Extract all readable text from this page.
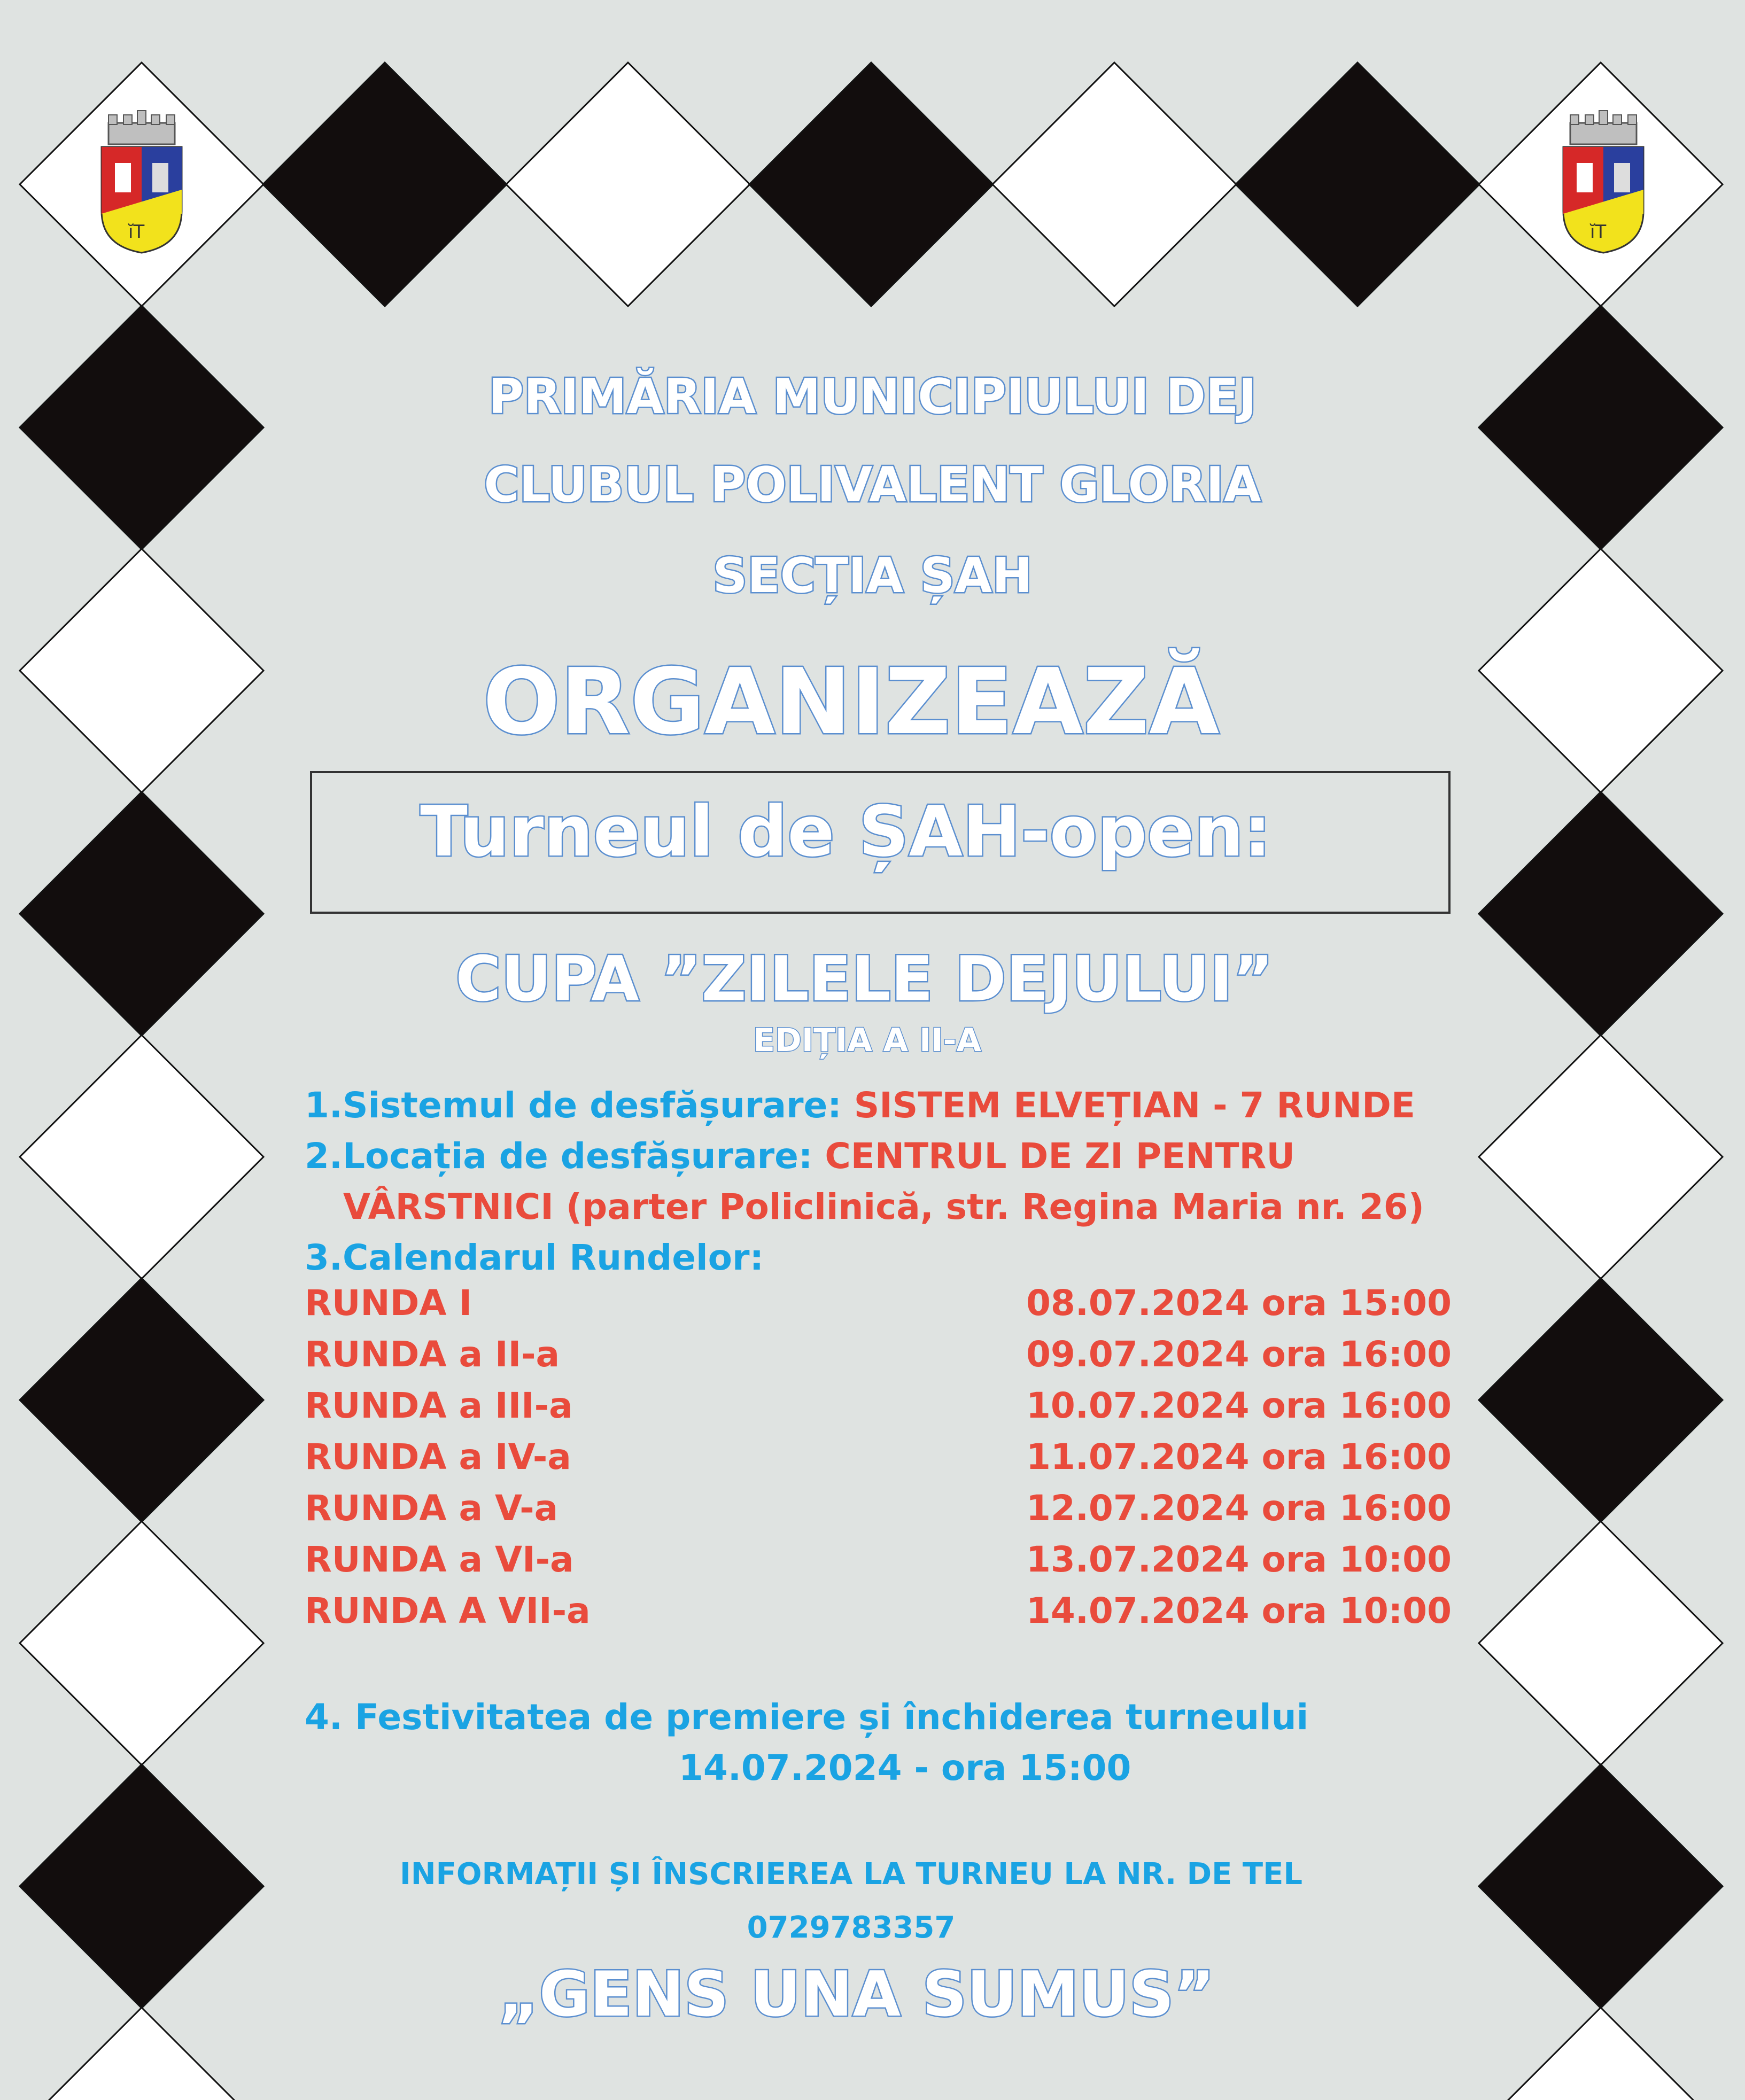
ĭT	ĭT
PRIMĂRIA MUNICIPIULUI DEJ
CLUBUL POLIVALENT GLORIA
SECȚIA ȘAH
ORGANIZEAZĂ
Turneul de ȘAH-open:
CUPA ”ZILELE DEJULUI”
EDIȚIA A II-A
1.Sistemul de desfășurare: SISTEM ELVEȚIAN - 7 RUNDE
2.Locația de desfășurare: CENTRUL DE ZI PENTRU
VÂRSTNICI (parter Policlinică, str. Regina Maria nr. 26)
3.Calendarul Rundelor:
RUNDA I	08.07.2024 ora 15:00
RUNDA a II-a	09.07.2024 ora 16:00
RUNDA a III-a	10.07.2024 ora 16:00
RUNDA a IV-a	11.07.2024 ora 16:00
RUNDA a V-a	12.07.2024 ora 16:00
RUNDA a VI-a	13.07.2024 ora 10:00
RUNDA A VII-a	14.07.2024 ora 10:00
4. Festivitatea de premiere și închiderea turneului
14.07.2024 - ora 15:00
INFORMAȚII ȘI ÎNSCRIEREA LA TURNEU LA NR. DE TEL
0729783357
„GENS UNA SUMUS”
